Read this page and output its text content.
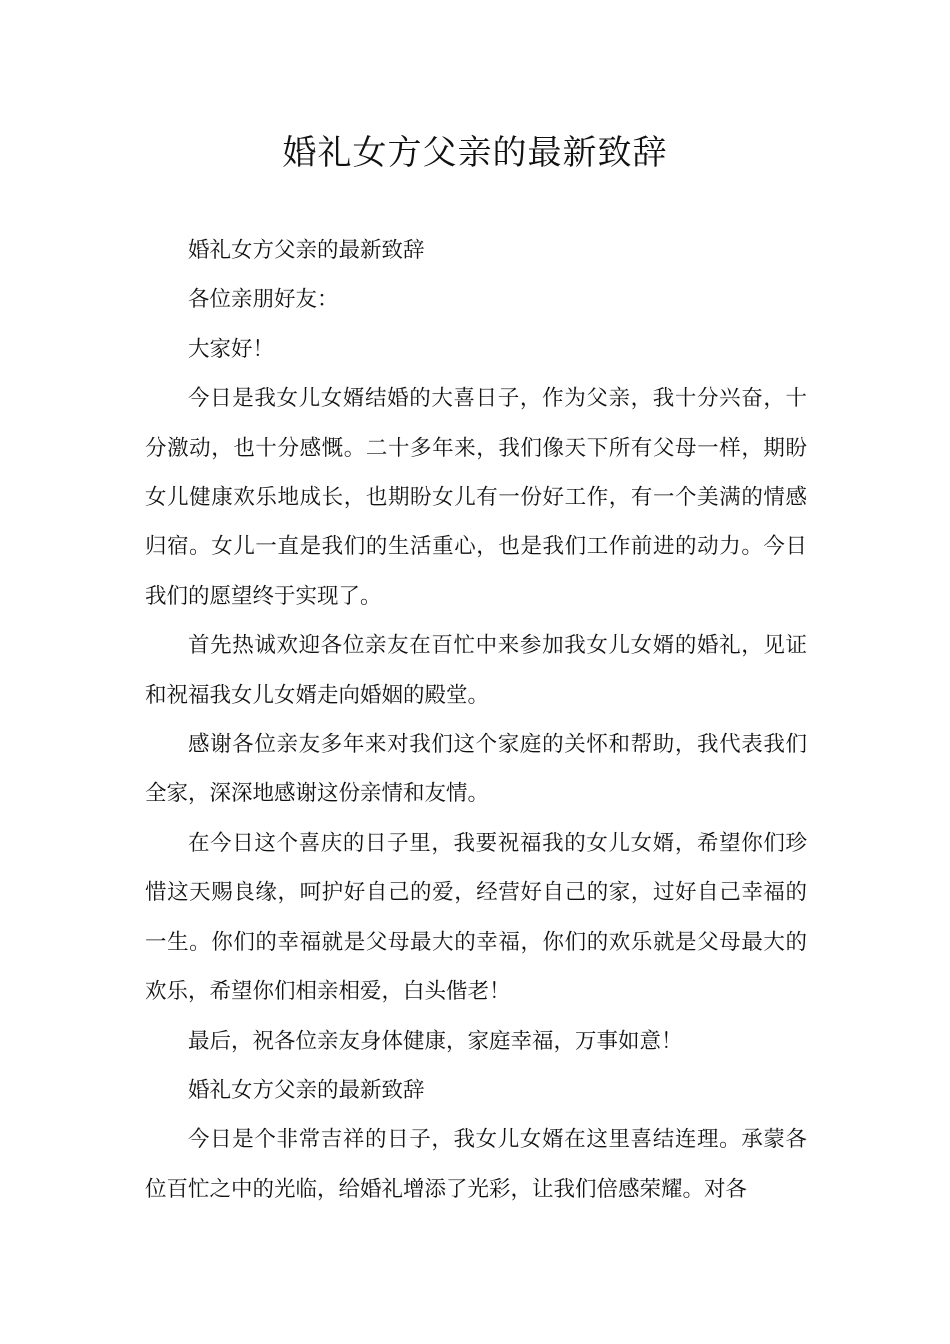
婚礼女方父亲的最新致辞

婚礼女方父亲的最新致辞

各位亲朋好友：

大家好！

今日是我女儿女婿结婚的大喜日子，作为父亲，我十分兴奋，十分激动，也十分感慨。二十多年来，我们像天下所有父母一样，期盼女儿健康欢乐地成长，也期盼女儿有一份好工作，有一个美满的情感归宿。女儿一直是我们的生活重心，也是我们工作前进的动力。今日我们的愿望终于实现了。

首先热诚欢迎各位亲友在百忙中来参加我女儿女婿的婚礼，见证和祝福我女儿女婿走向婚姻的殿堂。

感谢各位亲友多年来对我们这个家庭的关怀和帮助，我代表我们全家，深深地感谢这份亲情和友情。

在今日这个喜庆的日子里，我要祝福我的女儿女婿，希望你们珍惜这天赐良缘，呵护好自己的爱，经营好自己的家，过好自己幸福的一生。你们的幸福就是父母最大的幸福，你们的欢乐就是父母最大的欢乐，希望你们相亲相爱，白头偕老！

最后，祝各位亲友身体健康，家庭幸福，万事如意！

婚礼女方父亲的最新致辞

今日是个非常吉祥的日子，我女儿女婿在这里喜结连理。承蒙各位百忙之中的光临，给婚礼增添了光彩，让我们倍感荣耀。对各
